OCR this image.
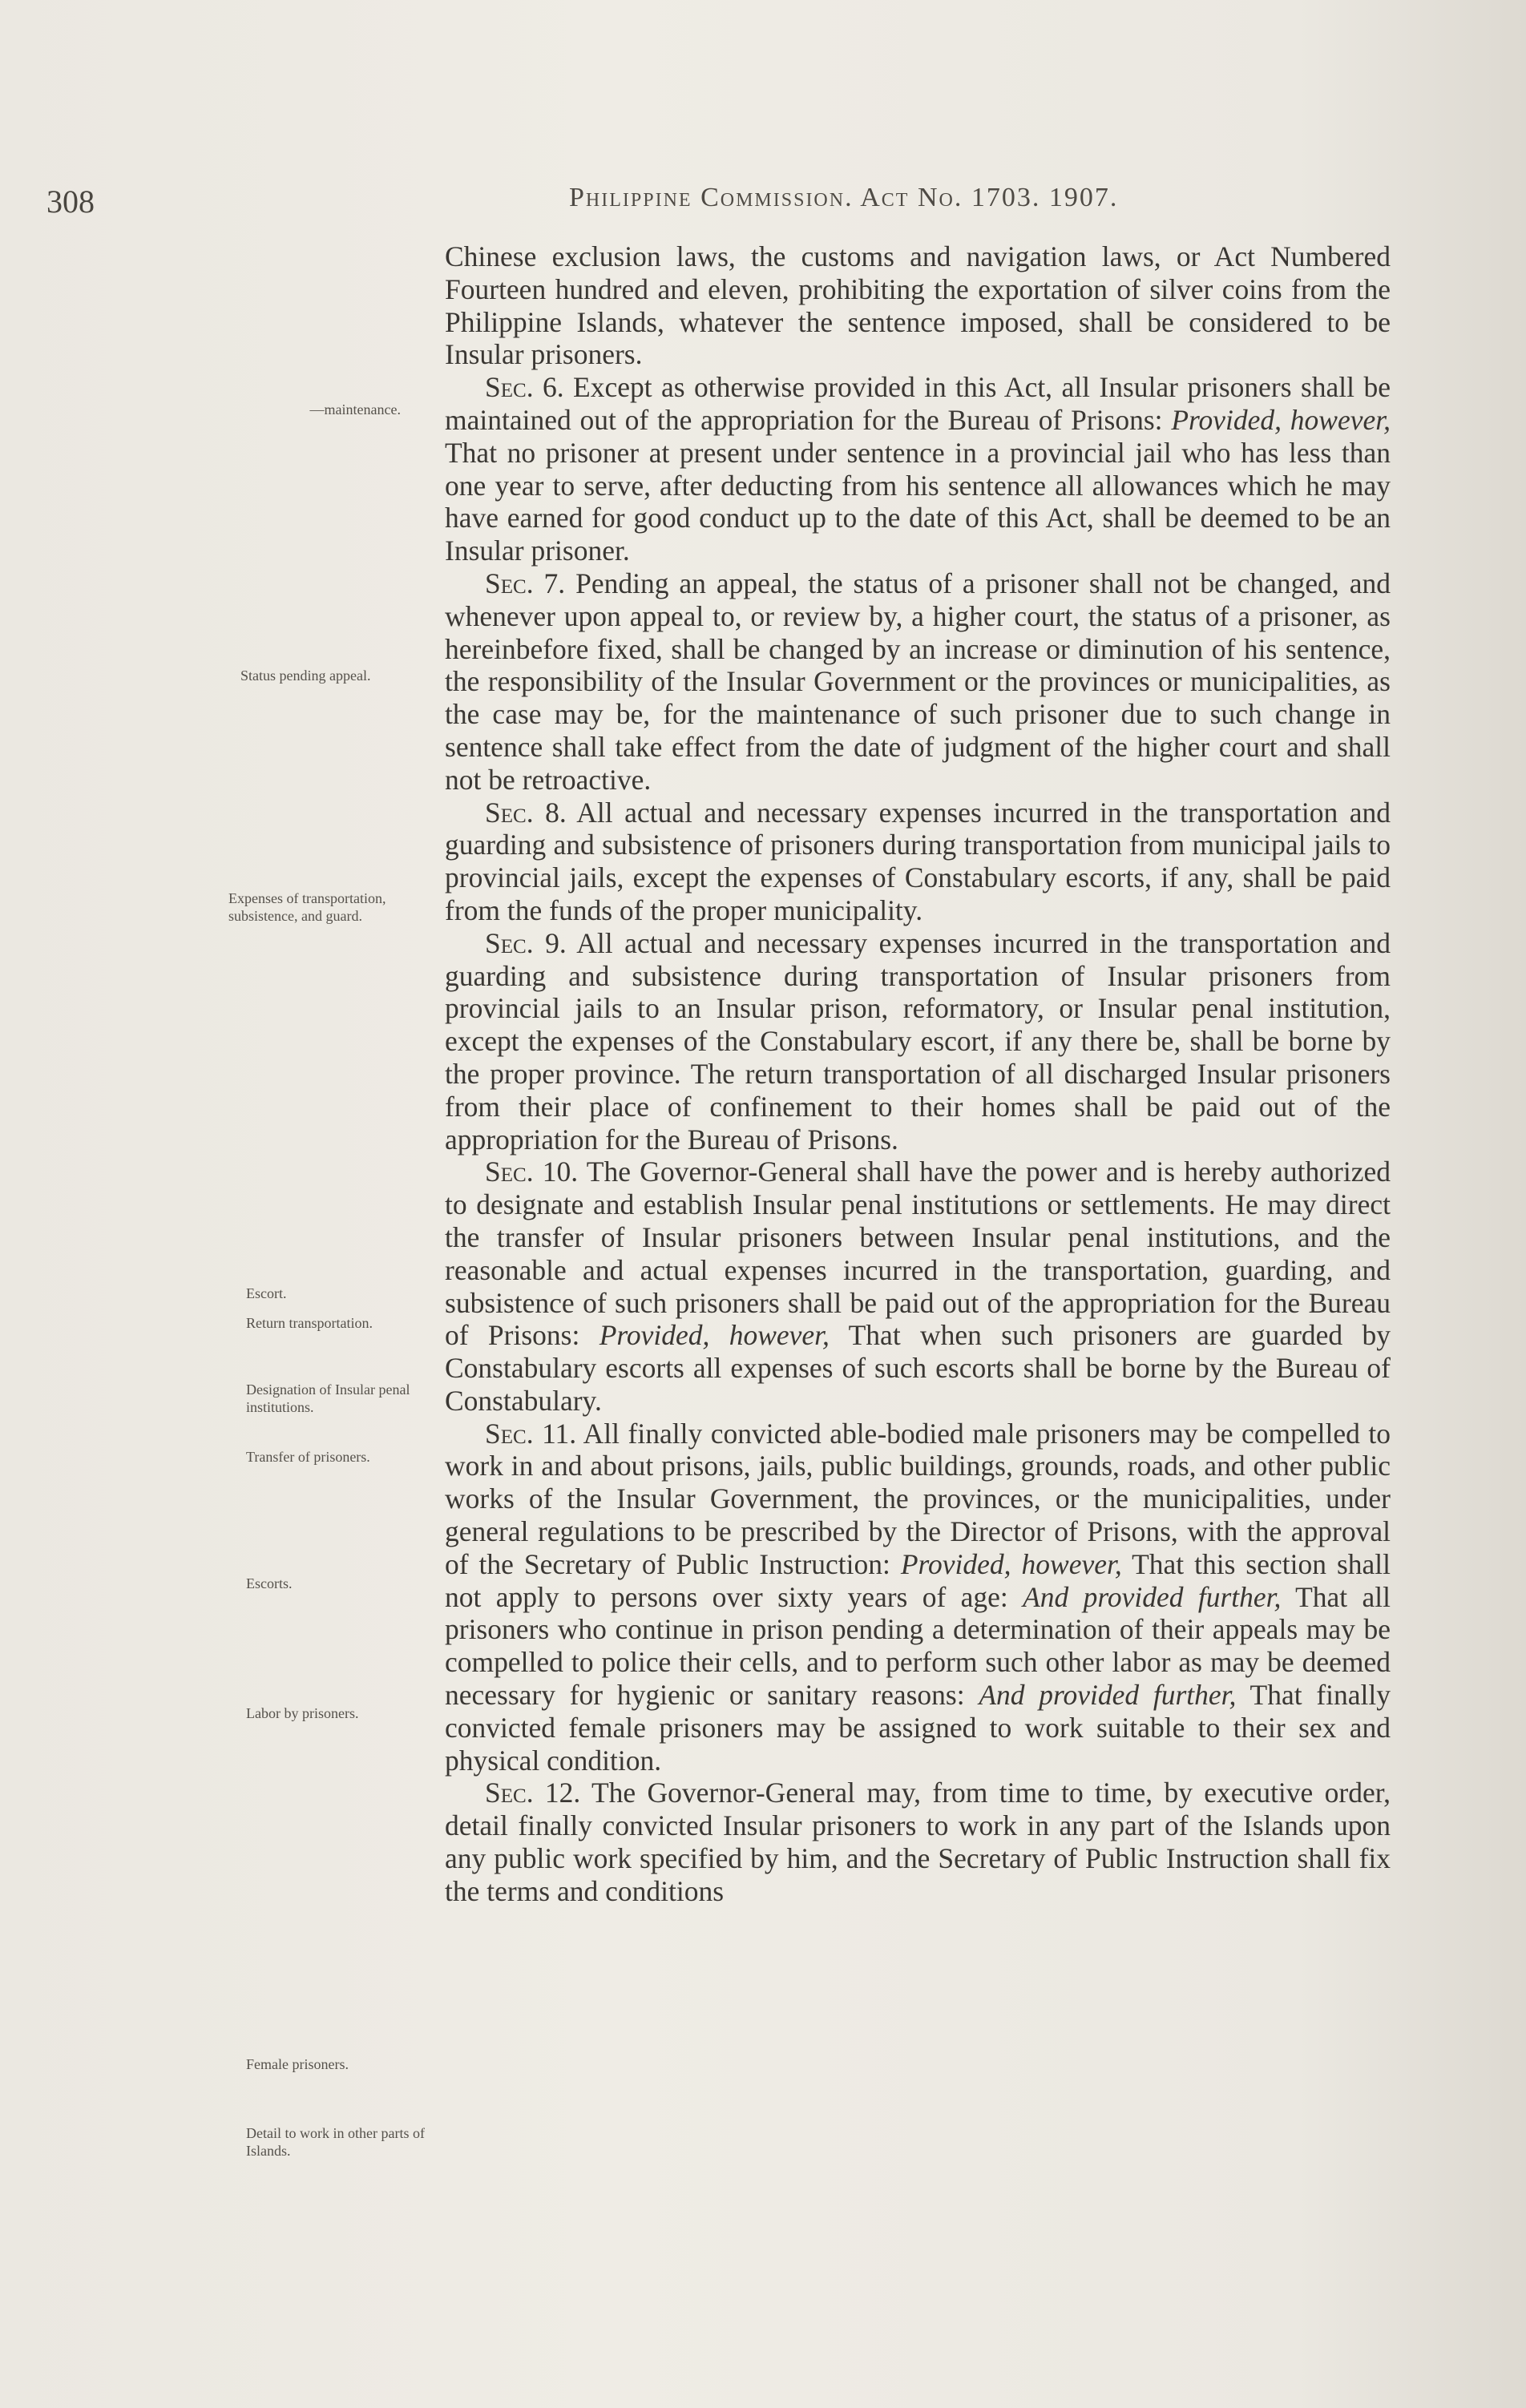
308	Philippine Commission. Act No. 1703. 1907.
—maintenance.
Status pending appeal.
Expenses of transportation, subsistence, and guard.
Escort.
Return transportation.
Designation of Insular penal institutions.
Transfer of prisoners.
Escorts.
Labor by prisoners.
Female prisoners.
Detail to work in other parts of Islands.

Chinese exclusion laws, the customs and navigation laws, or Act Numbered Fourteen hundred and eleven, prohibiting the exportation of silver coins from the Philippine Islands, whatever the sentence imposed, shall be considered to be Insular prisoners.

Sec. 6. Except as otherwise provided in this Act, all Insular prisoners shall be maintained out of the appropriation for the Bureau of Prisons: Provided, however, That no prisoner at present under sentence in a provincial jail who has less than one year to serve, after deducting from his sentence all allowances which he may have earned for good conduct up to the date of this Act, shall be deemed to be an Insular prisoner.

Sec. 7. Pending an appeal, the status of a prisoner shall not be changed, and whenever upon appeal to, or review by, a higher court, the status of a prisoner, as hereinbefore fixed, shall be changed by an increase or diminution of his sentence, the responsibility of the Insular Government or the provinces or municipalities, as the case may be, for the maintenance of such prisoner due to such change in sentence shall take effect from the date of judgment of the higher court and shall not be retroactive.

Sec. 8. All actual and necessary expenses incurred in the transportation and guarding and subsistence of prisoners during transportation from municipal jails to provincial jails, except the expenses of Constabulary escorts, if any, shall be paid from the funds of the proper municipality.

Sec. 9. All actual and necessary expenses incurred in the transportation and guarding and subsistence during transportation of Insular prisoners from provincial jails to an Insular prison, reformatory, or Insular penal institution, except the expenses of the Constabulary escort, if any there be, shall be borne by the proper province. The return transportation of all discharged Insular prisoners from their place of confinement to their homes shall be paid out of the appropriation for the Bureau of Prisons.

Sec. 10. The Governor-General shall have the power and is hereby authorized to designate and establish Insular penal institutions or settlements. He may direct the transfer of Insular prisoners between Insular penal institutions, and the reasonable and actual expenses incurred in the transportation, guarding, and subsistence of such prisoners shall be paid out of the appropriation for the Bureau of Prisons: Provided, however, That when such prisoners are guarded by Constabulary escorts all expenses of such escorts shall be borne by the Bureau of Constabulary.

Sec. 11. All finally convicted able-bodied male prisoners may be compelled to work in and about prisons, jails, public buildings, grounds, roads, and other public works of the Insular Government, the provinces, or the municipalities, under general regulations to be prescribed by the Director of Prisons, with the approval of the Secretary of Public Instruction: Provided, however, That this section shall not apply to persons over sixty years of age: And provided further, That all prisoners who continue in prison pending a determination of their appeals may be compelled to police their cells, and to perform such other labor as may be deemed necessary for hygienic or sanitary reasons: And provided further, That finally convicted female prisoners may be assigned to work suitable to their sex and physical condition.

Sec. 12. The Governor-General may, from time to time, by executive order, detail finally convicted Insular prisoners to work in any part of the Islands upon any public work specified by him, and the Secretary of Public Instruction shall fix the terms and conditions
